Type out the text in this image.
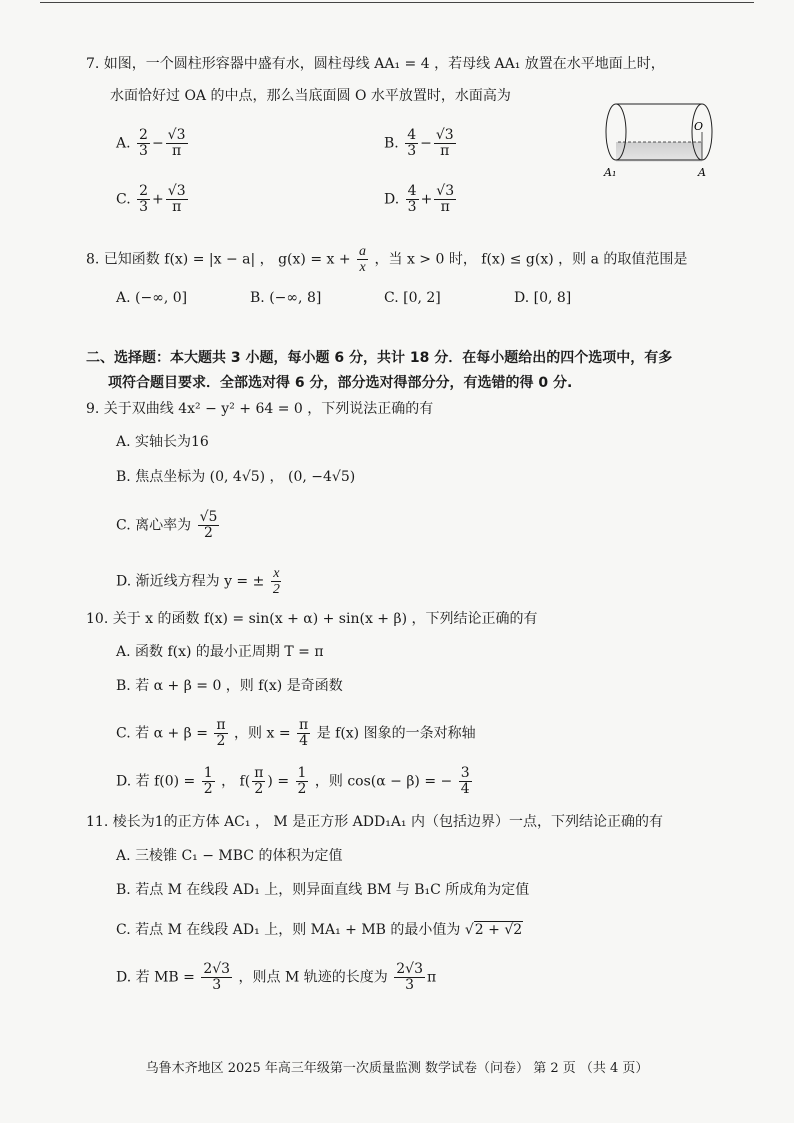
7. 如图，一个圆柱形容器中盛有水，圆柱母线 AA₁ = 4 ，若母线 AA₁ 放置在水平地面上时，
水面恰好过 OA 的中点，那么当底面圆 O 水平放置时，水面高为
A. $\frac{2}{3} - \frac{√3}{\pi}$	B. $\frac{4}{3} - \frac{√3}{\pi}$
C. $\frac{2}{3} + \frac{√3}{\pi}$	D. $\frac{4}{3} + \frac{√3}{\pi}$
O
A₁	A
8. 已知函数 f(x) = |x − a| ， $g(x) = x + \frac{a}{x}$ ，当 x > 0 时， f(x) ≤ g(x) ，则 a 的取值范围是
A. (−∞, 0]	B. (−∞, 8]	C. [0, 2]	D. [0, 8]
二、选择题：本大题共 3 小题，每小题 6 分，共计 18 分．在每小题给出的四个选项中，有多
项符合题目要求．全部选对得 6 分，部分选对得部分分，有选错的得 0 分.
9. 关于双曲线 4x² − y² + 64 = 0 ，下列说法正确的有
A. 实轴长为16
B. 焦点坐标为 (0, 4√5) ， (0, −4√5)
C. 离心率为 $\frac{√5}{2}$
D. 渐近线方程为 y = ± $\frac{x}{2}$
10. 关于 x 的函数 f(x) = sin(x + α) + sin(x + β) ，下列结论正确的有
A. 函数 f(x) 的最小正周期 T = π
B. 若 α + β = 0 ，则 f(x) 是奇函数
C. 若 $\alpha + \beta = \frac{\pi}{2}$ ，则 $x = \frac{\pi}{4}$ 是 f(x) 图象的一条对称轴
D. 若 $f(0) = \frac{1}{2}$ ， $f( \frac{\pi}{2}$ ) = $\frac{1}{2}$ ，则 cos(α − β) = − $\frac{3}{4}$
11. 棱长为1的正方体 AC₁ ， M 是正方形 ADD₁A₁ 内（包括边界）一点，下列结论正确的有
A. 三棱锥 C₁ − MBC 的体积为定值
B. 若点 M 在线段 AD₁ 上，则异面直线 BM 与 B₁C 所成角为定值
C. 若点 M 在线段 AD₁ 上，则 MA₁ + MB 的最小值为 √2 + √2
D. 若 MB = $\frac{2√3}{3}$ ，则点 M 轨迹的长度为 $\frac{2√3}{3}$ π
乌鲁木齐地区 2025 年高三年级第一次质量监测 数学试卷（问卷） 第 2 页 （共 4 页）
